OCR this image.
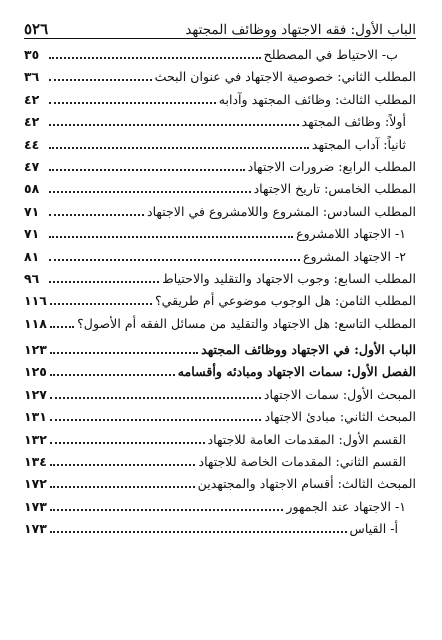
الباب الأول: فقه الاجتهاد ووظائف المجتهد
٥٢٦
ب- الاحتياط في المصطلح
٣٥
المطلب الثاني: خصوصية الاجتهاد في عنوان البحث
٣٦
المطلب الثالث: وظائف المجتهد وآدابه
٤٢
أولاً: وظائف المجتهد
٤٢
ثانياً: آداب المجتهد
٤٤
المطلب الرابع: ضرورات الاجتهاد
٤٧
المطلب الخامس: تاريخ الاجتهاد
٥٨
المطلب السادس: المشروع واللامشروع في الاجتهاد
٧١
١- الاجتهاد اللامشروع
٧١
٢- الاجتهاد المشروع
٨١
المطلب السابع: وجوب الاجتهاد والتقليد والاحتياط
٩٦
المطلب الثامن: هل الوجوب موضوعي أم طريقي؟
١١٦
المطلب التاسع: هل الاجتهاد والتقليد من مسائل الفقه أم الأصول؟
١١٨
الباب الأول: في الاجتهاد ووظائف المجتهد
١٢٣
الفصل الأول: سمات الاجتهاد ومبادئه وأقسامه
١٢٥
المبحث الأول: سمات الاجتهاد
١٢٧
المبحث الثاني: مبادئ الاجتهاد
١٣١
القسم الأول: المقدمات العامة للاجتهاد
١٣٢
القسم الثاني: المقدمات الخاصة للاجتهاد
١٣٤
المبحث الثالث: أقسام الاجتهاد والمجتهدين
١٧٢
١- الاجتهاد عند الجمهور
١٧٣
أ- القياس
١٧٣
